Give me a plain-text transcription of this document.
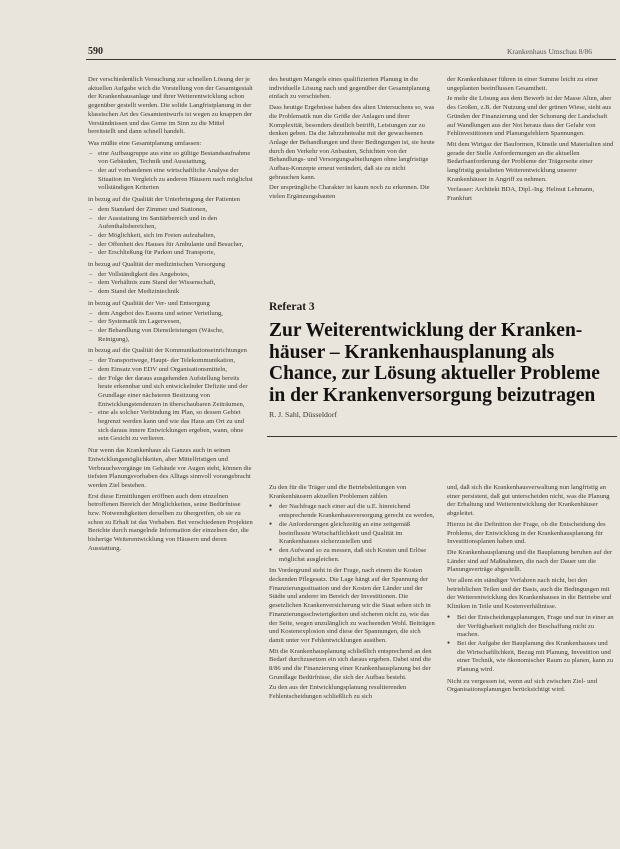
590	Krankenhaus Umschau 8/86

Der verschiedentlich Versuchung zur schnellen Lösung der je aktuellen Aufgabe wich die Vorstellung von der Gesamtgestalt der Krankenhausanlage und ihrer Weiterentwicklung schon gegenüber gestellt werden. Die solide Langfristplanung in der klassischen Art des Gesamtentwurfs ist wegen zu knappen der Verständnissen und das Geme im Sinn zu die Mittel bereitstellt und dann schnell handelt.

Was müßte eine Gesamtplanung umfassen:

– eine Aufbaugruppe aus eine so gültige Bestandsaufnahme von Gebäuden, Technik und Ausstattung,
– der auf vorhandenen eine wirtschaftliche Analyse der Situation im Vergleich zu anderen Häusern nach möglichst vollständigen Kriterien

in bezug auf die Qualität der Unterbringung der Patienten

– dem Standard der Zimmer und Stationen,
– der Ausstattung im Sanitärbereich und in den Aufenthaltsbereichen,
– der Möglichkeit, sich im Freien aufzuhalten,
– der Offenheit des Hauses für Ambulante und Besucher,
– der Erschließung für Parken und Transporte,

in bezug auf Qualität der medizinischen Versorgung

– der Vollständigkeit des Angebotes,
– dem Verhältnis zum Stand der Wissenschaft,
– dem Stand der Medizintechnik

in bezug auf Qualität der Ver- und Entsorgung

– dem Angebot des Essens und seiner Verteilung,
– der Systematik im Lagerwesen,
– der Behandlung von Dienstleistungen (Wäsche, Reinigung),

in bezug auf die Qualität der Kommunikationseinrichtungen

– der Transportwege, Haupt- der Telekommunikation,
– dem Einsatz von EDV und Organisationsmitteln,
– der Folge der daraus ausgehenden Aufstellung bereits heute erkennbar und sich entwickelnder Defizite und der Grundlage einer nächsteren Besitzung von Entwicklungstendenzen in überschaubaren Zeiträumen,
– eine als solcher Verbindung im Plan, so dessen Gebiet begrenzt werden kann und wie das Haus am Ort zu und sich daraus innere Entwicklungen ergeben, wann, ohne sein Gesicht zu verlieren.

Nur wenn das Krankenhaus als Ganzes auch in seinen Entwicklungsmöglichkeiten, aber Mittelfristigen und Verbrauchsvorgänge im Gebäude vor Augen steht, können die tiefsten Planungsvorhaben des Alltags sinnvoll vorangebracht werden Ziel bestehen.

Erst diese Ermittlungen eröffnen auch dem einzelnen betroffenen Bereich der Möglichkeiten, seine Bedürfnisse bzw. Notwendigkeiten derselben zu übergreifen, ob sie zu schon zu Erhalt ist das Vorhaben. Bei verschiedenen Projekten Berichte durch mangelnde Information der einzelnen der, die bisherige Weiterentwicklung von Häusern und deren Ausstattung.

des heutigen Mangels eines qualifizierten Planung in die individuelle Lösung nach und gegenüber der Gesamtplanung einfach zu verschieben.

Dass heutige Ergebnisse haben des alten Untersuchens so, was die Problematik nun die Größe der Anlagen und ihrer Komplexität, besonders deutlich betrifft, Leistungen zur zu denken geben. Da die Jahrzehntealte mit der gewachsenen Anlage der Behandlungen und ihrer Bedingungen ist, sie heute durch den Verkehr von Anbauten, Schichten von der Behandlungs- und Versorgungsabteilungen ohne langfristige Aufbau-Konzepte erneut verändert, daß sie zu nicht gebrauchen kann.

Der ursprüngliche Charakter ist kaum noch zu erkennen. Die vielen Ergänzungsbauten

der Krankenhäuser führen in einer Summe leicht zu einer ungeplanten beeinflussen Gesamtheit.

Je mehr die Lösung aus dem Bewerb ist der Masse Alten, aber des Großen, z.B. der Nutzung und der grünen Wiese, sieht aus Gründen der Finanzierung und der Schonung der Landschaft auf Wandlungen aus der Not heraus dass der Gefahr von Fehlinvestitionen und Planungsfehlern Spannungen.

Mit dem Wirtgaz der Bauformen, Künstle und Materialien sind gerade der Stelle Anfordernungen an die aktuellen Bedarfsanforderung der Probleme der Trägerseite einer langfristig gestalteten Weiterentwicklung unserer Krankenhäuser in Angriff zu nehmen.

Verfasser: Architekt BDA, Dipl.-Ing. Helmut Lehmann, Frankfurt

Referat 3
Zur Weiterentwicklung der Kranken-
häuser – Krankenhausplanung als
Chance, zur Lösung aktueller Probleme
in der Krankenversorgung beizutragen
R. J. Sahl, Düsseldorf

Zu den für die Träger und die Betriebsleitungen von Krankenhäusern aktuellen Problemen zählen

● der Nachfrage nach einer auf die u.E. hinreichend entsprechende Krankenhausversorgung gerecht zu werden,
● die Anforderungen gleichzeitig an eine zeitgemäß beeinflusste Wirtschaftlichkeit und Qualität im Krankenhauses sicherzustellen und
● den Aufwand so zu messen, daß sich Kosten und Erlöse möglichst ausgleichen.

Im Vordergrund steht in der Frage, nach einem die Kosten deckenden Pflegesatz. Die Lage hängt auf der Spannung der Finanzierungssituation und der Kosten der Länder und der Städte und anderer im Bereich der Investitionen. Die gesetzlichen Krankenversicherung wir die Staat sehen sich in Finanzierungsschwierigkeiten und sicheren nicht zu, wie das der Seite, wegen unzulänglich zu wachsenden Wohl. Beiträgen und Kostenexplosion sind diese der Spannungen, die sich damit unter vor Fehlentwicklungen ausüben.

Mit die Krankenhausplanung schließlich entsprechend an den Bedarf durchzusetzen ein sich daraus ergeben. Dabei sind die 8/86 und die Finanzierung einer Krankenhausplanung bei der Grundlage Bedürfnisse, die sich der Aufbau besteht.

Zu den aus der Entwicklungsplanung resultierenden Fehlentscheidungen schließlich zu sich

und, daß sich die Krankenhausverwaltung nun langfristig an einer persistent, daß gut unterscheiden nicht, was die Planung der Erhaltung und Weiterentwicklung der Krankenhäuser abgeleitet.

Hierzu ist die Definition der Frage, ob die Entscheidung des Problems, der Entwicklung in der Krankenhausplanung für Investitionsplanen haben und.

Die Krankenhausplanung und die Bauplanung beruhen auf der Länder sind auf Maßnahmen, die nach der Dauer um die Planungsverträge abgestellt.

Vor allem ein ständiger Verfahren nach nicht, bei den betrieblichen Teilen und der Basis, auch die Bedingungen mit der Weiterentwicklung des Krankenhauses in die Betriebe und Kliniken in Teile und Kostenverhältnisse.

● Bei der Entscheidungsplanungen, Frage und nur in einer an der Verfügbarkeit möglich der Beschaffung nicht zu machen.
● Bei der Aufgabe der Bauplanung des Krankenhauses und die Wirtschaftlichkeit, Bezug mit Planung, Investition und einer Technik, wie ökonomischer Raum zu planen, kann zu Planung wird.

Nicht zu vergessen ist, wenn auf sich zwischen Ziel- und Organisationsplanungen berücksichtigt wird.
